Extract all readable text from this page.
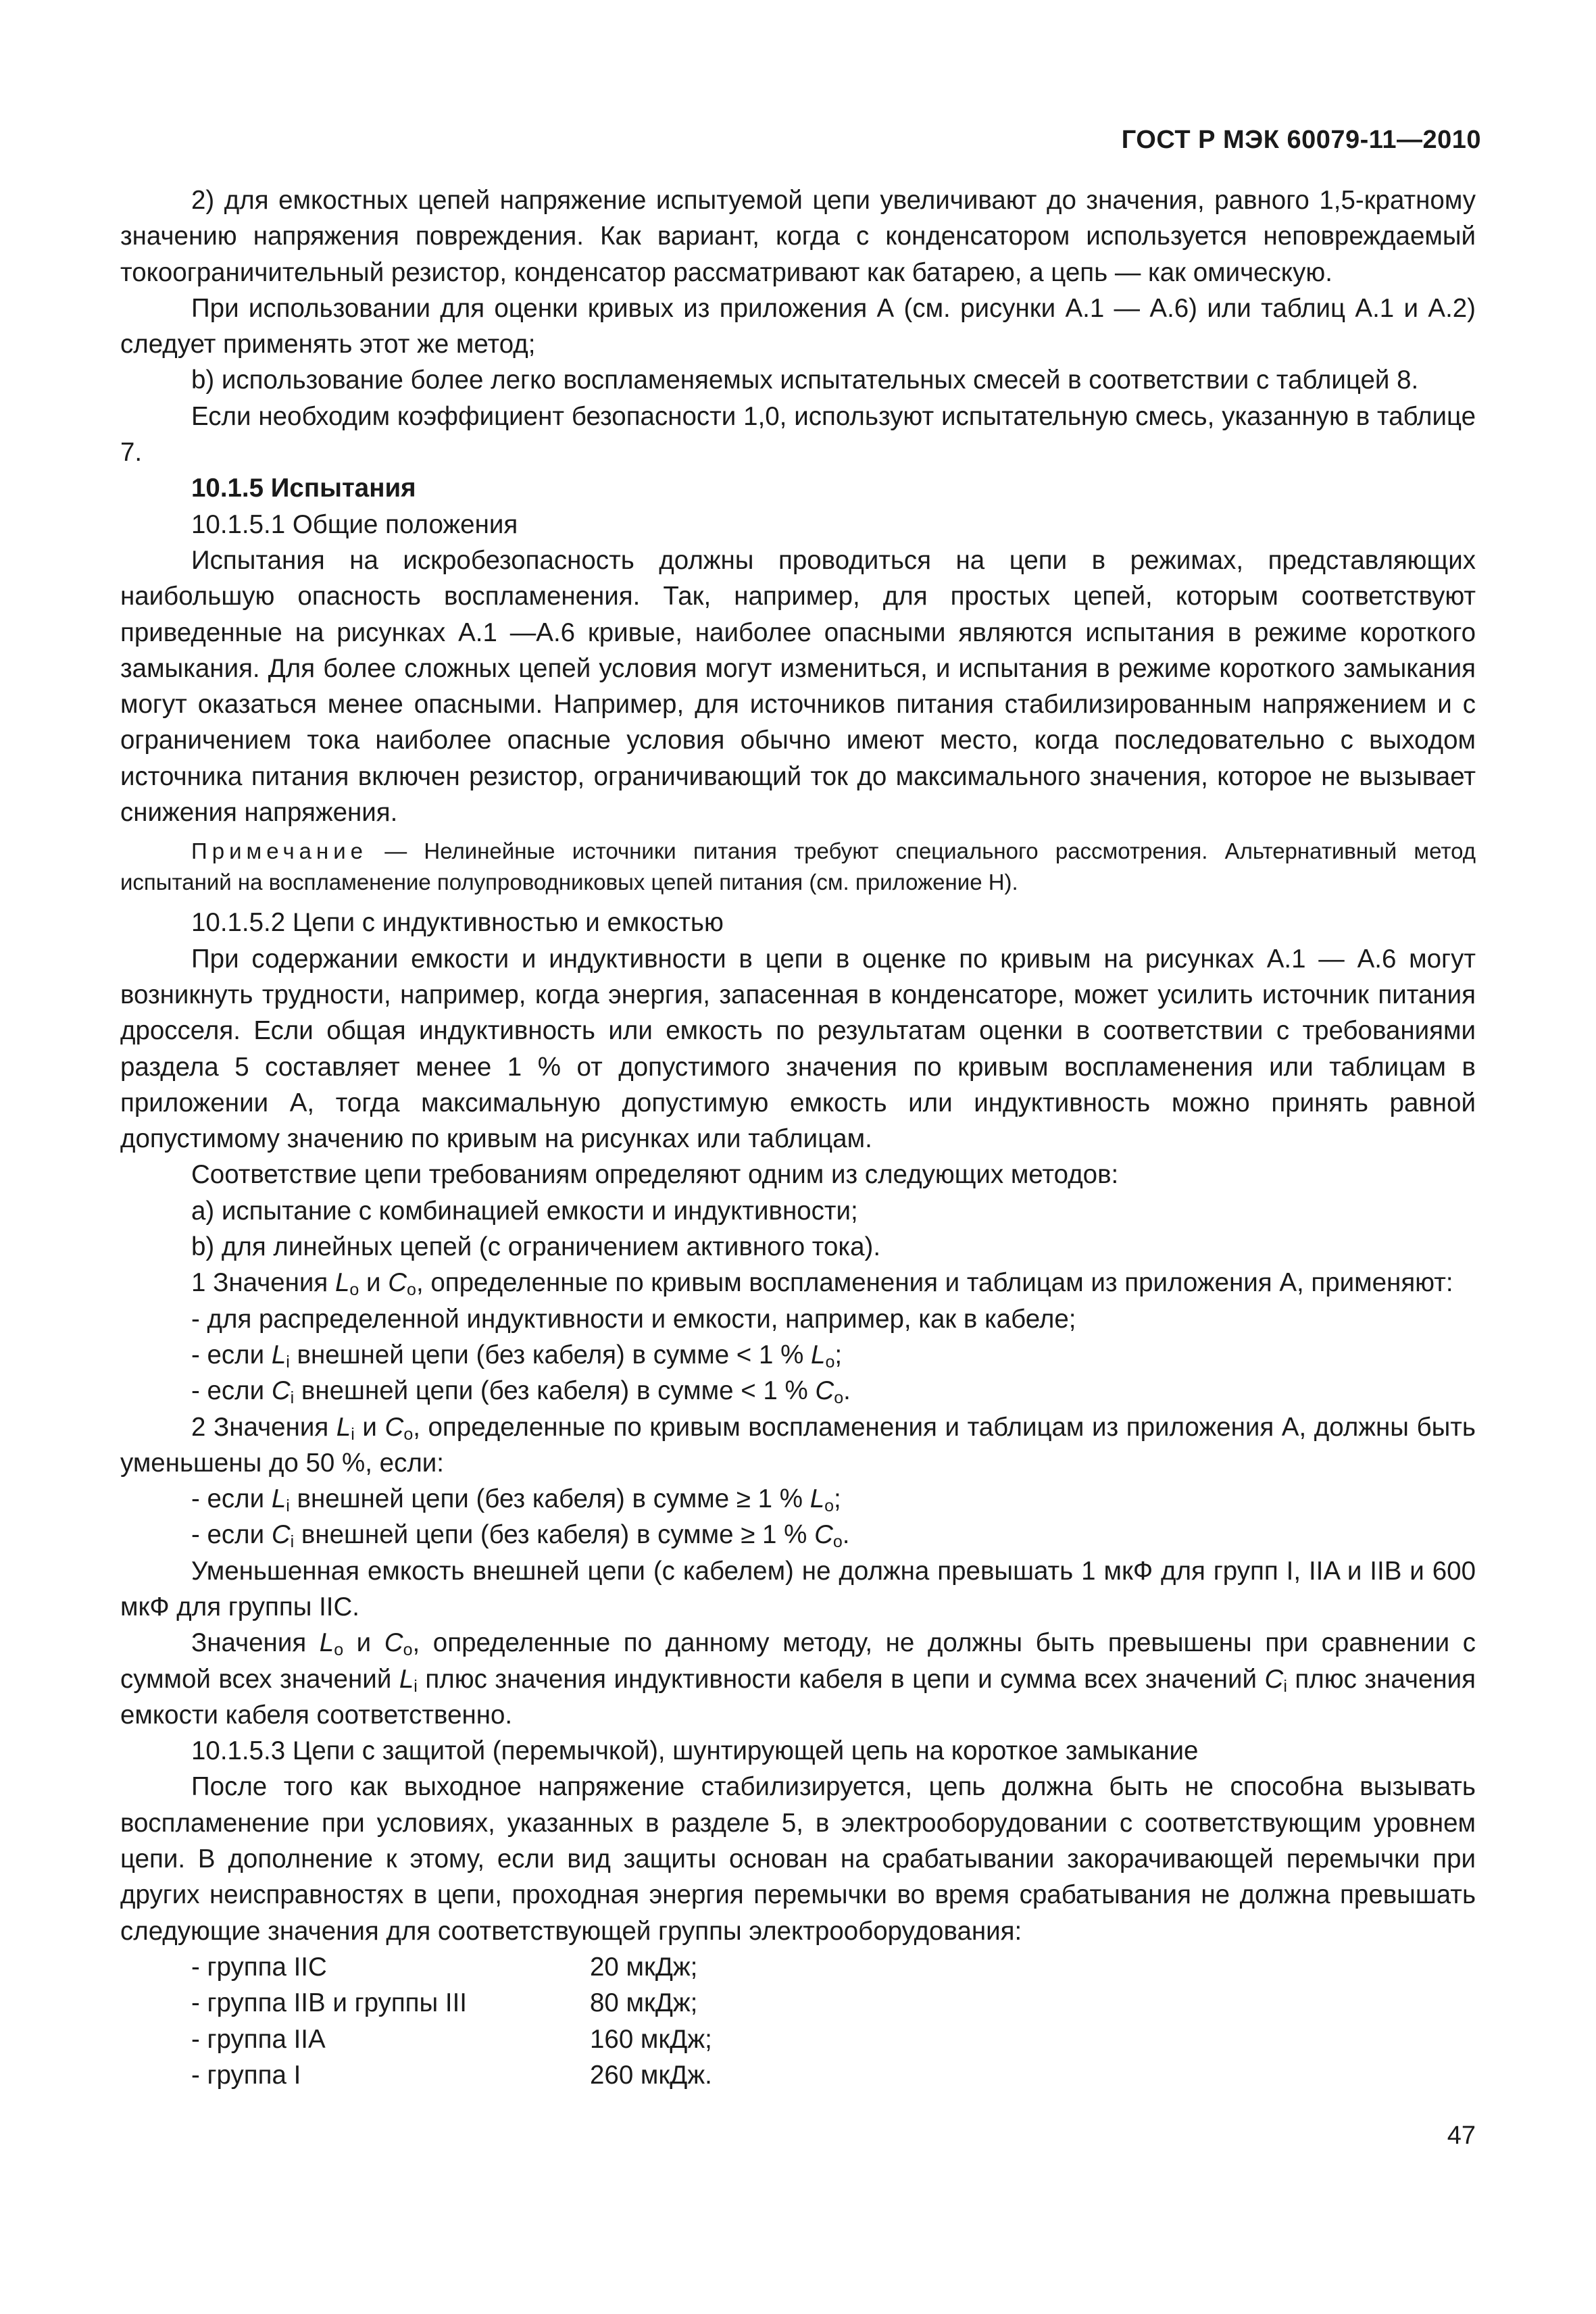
ГОСТ Р МЭК 60079-11—2010

2) для емкостных цепей напряжение испытуемой цепи увеличивают до значения, равного 1,5-кратному значению напряжения повреждения. Как вариант, когда с конденсатором используется неповреждаемый токоограничительный резистор, конденсатор рассматривают как батарею, а цепь — как омическую.

При использовании для оценки кривых из приложения А (см. рисунки А.1 — А.6) или таблиц А.1 и А.2) следует применять этот же метод;

b) использование более легко воспламеняемых испытательных смесей в соответствии с таблицей 8.

Если необходим коэффициент безопасности 1,0, используют испытательную смесь, указанную в таблице 7.

10.1.5 Испытания

10.1.5.1 Общие положения

Испытания на искробезопасность должны проводиться на цепи в режимах, представляющих наибольшую опасность воспламенения. Так, например, для простых цепей, которым соответствуют приведенные на рисунках А.1 —А.6 кривые, наиболее опасными являются испытания в режиме короткого замыкания. Для более сложных цепей условия могут измениться, и испытания в режиме короткого замыкания могут оказаться менее опасными. Например, для источников питания стабилизированным напряжением и с ограничением тока наиболее опасные условия обычно имеют место, когда последовательно с выходом источника питания включен резистор, ограничивающий ток до максимального значения, которое не вызывает снижения напряжения.

Примечание — Нелинейные источники питания требуют специального рассмотрения. Альтернативный метод испытаний на воспламенение полупроводниковых цепей питания (см. приложение Н).

10.1.5.2 Цепи с индуктивностью и емкостью

При содержании емкости и индуктивности в цепи в оценке по кривым на рисунках А.1 — А.6 могут возникнуть трудности, например, когда энергия, запасенная в конденсаторе, может усилить источник питания дросселя. Если общая индуктивность или емкость по результатам оценки в соответствии с требованиями раздела 5 составляет менее 1 % от допустимого значения по кривым воспламенения или таблицам в приложении А, тогда максимальную допустимую емкость или индуктивность можно принять равной допустимому значению по кривым на рисунках или таблицам.

Соответствие цепи требованиям определяют одним из следующих методов:

а) испытание с комбинацией емкости и индуктивности;

b) для линейных цепей (с ограничением активного тока).

1 Значения $L_o$ и $C_o$, определенные по кривым воспламенения и таблицам из приложения А, применяют:

- для распределенной индуктивности и емкости, например, как в кабеле;

- если $L_i$ внешней цепи (без кабеля) в сумме < 1 % $L_o$;

- если $C_i$ внешней цепи (без кабеля) в сумме < 1 % $C_o$.

2 Значения $L_i$ и $C_o$, определенные по кривым воспламенения и таблицам из приложения А, должны быть уменьшены до 50 %, если:

- если $L_i$ внешней цепи (без кабеля) в сумме ≥ 1 % $L_o$;

- если $C_i$ внешней цепи (без кабеля) в сумме ≥ 1 % $C_o$.

Уменьшенная емкость внешней цепи (с кабелем) не должна превышать 1 мкФ для групп I, IIA и IIB и 600 мкФ для группы IIC.

Значения $L_o$ и $C_o$, определенные по данному методу, не должны быть превышены при сравнении с суммой всех значений $L_i$ плюс значения индуктивности кабеля в цепи и сумма всех значений $C_i$ плюс значения емкости кабеля соответственно.

10.1.5.3 Цепи с защитой (перемычкой), шунтирующей цепь на короткое замыкание

После того как выходное напряжение стабилизируется, цепь должна быть не способна вызывать воспламенение при условиях, указанных в разделе 5, в электрооборудовании с соответствующим уровнем цепи. В дополнение к этому, если вид защиты основан на срабатывании закорачивающей перемычки при других неисправностях в цепи, проходная энергия перемычки во время срабатывания не должна превышать следующие значения для соответствующей группы электрооборудования:

- группа IIC	20 мкДж;
- группа IIB и группы III	80 мкДж;
- группа IIA	160 мкДж;
- группа I	260 мкДж.
47
